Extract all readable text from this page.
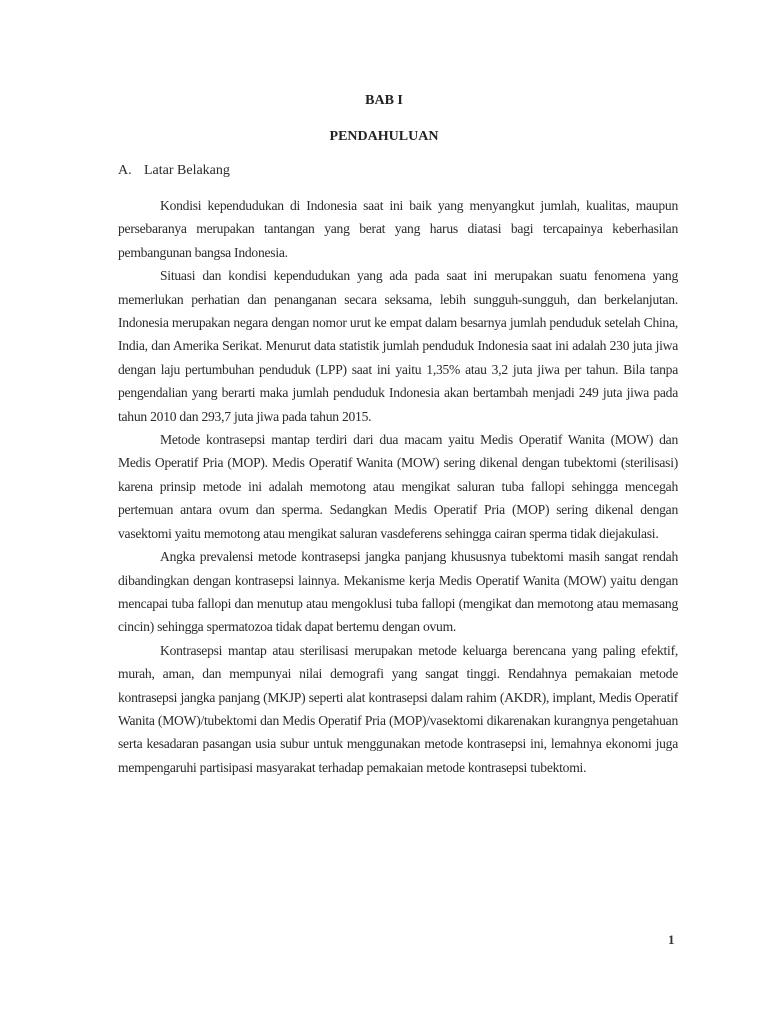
BAB I
PENDAHULUAN
A. Latar Belakang

Kondisi kependudukan di Indonesia saat ini baik yang menyangkut jumlah, kualitas, maupun persebaranya merupakan tantangan yang berat yang harus diatasi bagi tercapainya keberhasilan pembangunan bangsa Indonesia.

Situasi dan kondisi kependudukan yang ada pada saat ini merupakan suatu fenomena yang memerlukan perhatian dan penanganan secara seksama, lebih sungguh-sungguh, dan berkelanjutan. Indonesia merupakan negara dengan nomor urut ke empat dalam besarnya jumlah penduduk setelah China, India, dan Amerika Serikat. Menurut data statistik jumlah penduduk Indonesia saat ini adalah 230 juta jiwa dengan laju pertumbuhan penduduk (LPP) saat ini yaitu 1,35% atau 3,2 juta jiwa per tahun. Bila tanpa pengendalian yang berarti maka jumlah penduduk Indonesia akan bertambah menjadi 249 juta jiwa pada tahun 2010 dan 293,7 juta jiwa pada tahun 2015.

Metode kontrasepsi mantap terdiri dari dua macam yaitu Medis Operatif Wanita (MOW) dan Medis Operatif Pria (MOP). Medis Operatif Wanita (MOW) sering dikenal dengan tubektomi (sterilisasi) karena prinsip metode ini adalah memotong atau mengikat saluran tuba fallopi sehingga mencegah pertemuan antara ovum dan sperma. Sedangkan Medis Operatif Pria (MOP) sering dikenal dengan vasektomi yaitu memotong atau mengikat saluran vasdeferens sehingga cairan sperma tidak diejakulasi.

Angka prevalensi metode kontrasepsi jangka panjang khususnya tubektomi masih sangat rendah dibandingkan dengan kontrasepsi lainnya. Mekanisme kerja Medis Operatif Wanita (MOW) yaitu dengan mencapai tuba fallopi dan menutup atau mengoklusi tuba fallopi (mengikat dan memotong atau memasang cincin) sehingga spermatozoa tidak dapat bertemu dengan ovum.

Kontrasepsi mantap atau sterilisasi merupakan metode keluarga berencana yang paling efektif, murah, aman, dan mempunyai nilai demografi yang sangat tinggi. Rendahnya pemakaian metode kontrasepsi jangka panjang (MKJP) seperti alat kontrasepsi dalam rahim (AKDR), implant, Medis Operatif Wanita (MOW)/tubektomi dan Medis Operatif Pria (MOP)/vasektomi dikarenakan kurangnya pengetahuan serta kesadaran pasangan usia subur untuk menggunakan metode kontrasepsi ini, lemahnya ekonomi juga mempengaruhi partisipasi masyarakat terhadap pemakaian metode kontrasepsi tubektomi.

1
